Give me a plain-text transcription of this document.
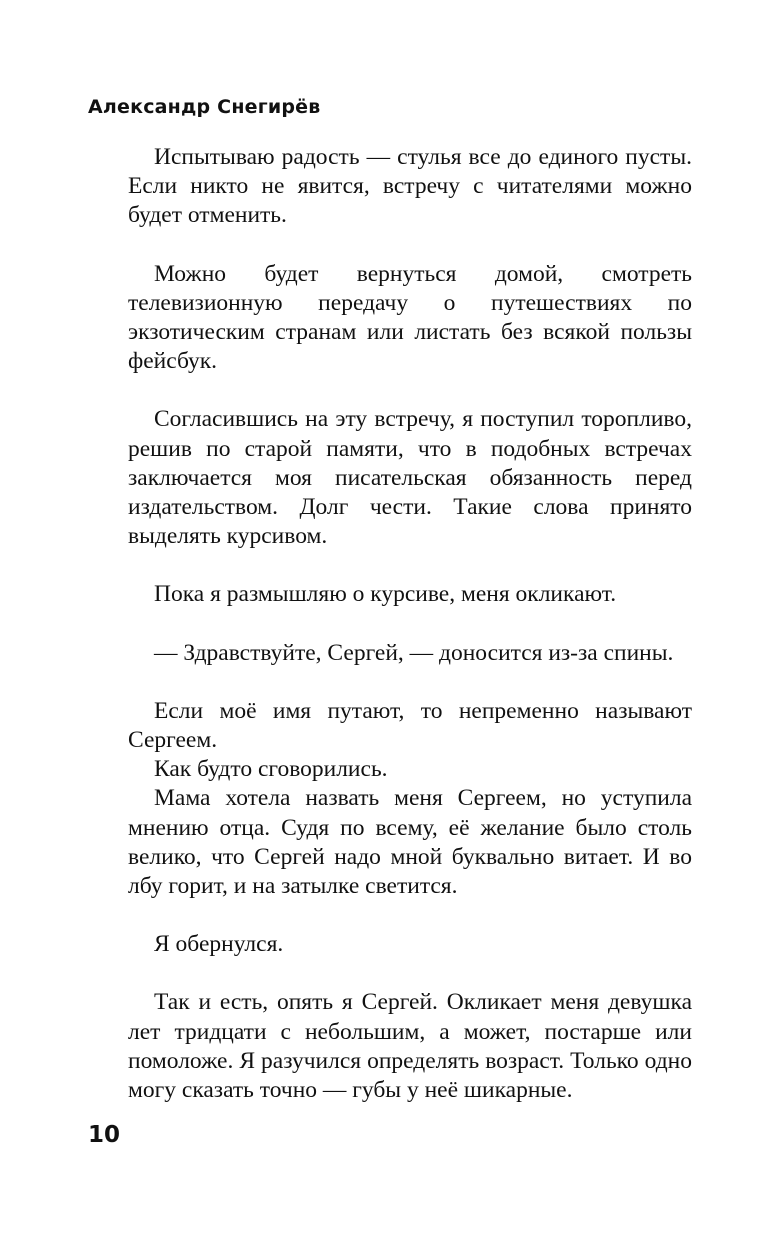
Александр Снегирёв

Испытываю радость — стулья все до единого пусты. Если никто не явится, встречу с читателями можно будет отменить.

Можно будет вернуться домой, смотреть телевизионную передачу о путешествиях по экзотическим странам или листать без всякой пользы фейсбук.

Согласившись на эту встречу, я поступил торопливо, решив по старой памяти, что в подобных встречах заключается моя писательская обязанность перед издательством. Долг чести. Такие слова принято выделять курсивом.

Пока я размышляю о курсиве, меня окликают.

— Здравствуйте, Сергей, — доносится из-за спины.

Если моё имя путают, то непременно называют Сергеем.

Как будто сговорились.

Мама хотела назвать меня Сергеем, но уступила мнению отца. Судя по всему, её желание было столь велико, что Сергей надо мной буквально витает. И во лбу горит, и на затылке светится.

Я обернулся.

Так и есть, опять я Сергей. Окликает меня девушка лет тридцати с небольшим, а может, постарше или помоложе. Я разучился определять возраст. Только одно могу сказать точно — губы у неё шикарные.

10
